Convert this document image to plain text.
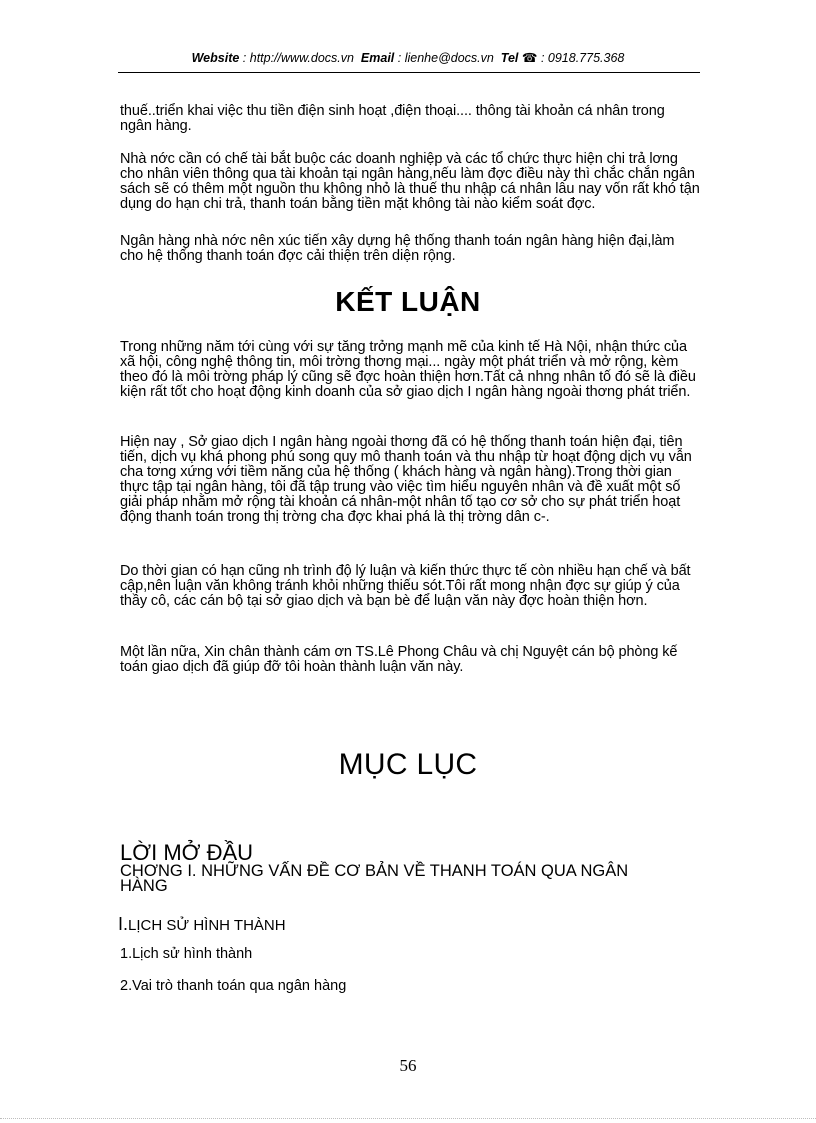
Website : http://www.docs.vn Email : lienhe@docs.vn Tel ☎ : 0918.775.368

thuế..triển khai việc thu tiền điện sinh hoạt ,điện thoại.... thông tài khoản cá nhân trong ngân hàng.

Nhà nớc cần có chế tài bắt buộc các doanh nghiệp và các tổ chức thực hiện chi trả lơng cho nhân viên thông qua tài khoản tại ngân hàng,nếu làm đợc điều này thì chắc chắn ngân sách sẽ có thêm một nguồn thu không nhỏ là thuế thu nhập cá nhân lâu nay vốn rất khó tận dụng do hạn chi trả, thanh toán bằng tiền mặt không tài nào kiểm soát đợc.

Ngân hàng nhà nớc nên xúc tiến xây dựng hệ thống thanh toán ngân hàng hiện đại,làm cho hệ thống thanh toán đợc cải thiện trên diện rộng.

KẾT LUẬN

Trong những năm tới cùng với sự tăng trởng mạnh mẽ của kinh tế Hà Nội, nhận thức của xã hội, công nghệ thông tin, môi trờng thơng mại... ngày một phát triển và mở rộng, kèm theo đó là môi trờng pháp lý cũng sẽ đợc hoàn thiện hơn.Tất cả nhng nhân tố đó sẽ là điều kiện rất tốt cho hoạt động kinh doanh của sở giao dịch I ngân hàng ngoài thơng phát triển.

Hiện nay , Sở giao dịch I ngân hàng ngoài thơng đã có hệ thống thanh toán hiện đại, tiên tiến, dịch vụ khá phong phú song quy mô thanh toán và thu nhập từ hoạt động dịch vụ vẫn cha tơng xứng với tiềm năng của hệ thống ( khách hàng và ngân hàng).Trong thời gian thực tập tại ngân hàng, tôi đã tập trung vào việc tìm hiểu nguyên nhân và đề xuất một số giải pháp nhằm mở rộng tài khoản cá nhân-một nhân tố tạo cơ sở cho sự phát triển hoạt động thanh toán trong thị trờng cha đợc khai phá là thị trờng dân c-.

Do thời gian có hạn cũng nh trình độ lý luận và kiến thức thực tế còn nhiều hạn chế và bất cập,nên luận văn không tránh khỏi những thiếu sót.Tôi rất mong nhận đợc sự giúp ý của thầy cô, các cán bộ tại sở giao dịch và bạn bè để luận văn này đợc hoàn thiện hơn.

Một lần nữa, Xin chân thành cám ơn TS.Lê Phong Châu và chị Nguyệt cán bộ phòng kế toán giao dịch đã giúp đỡ tôi hoàn thành luận văn này.

MỤC LỤC
LỜI MỞ ĐẦU
CHƠNG I. NHỮNG VẤN ĐỀ CƠ BẢN VỀ THANH TOÁN QUA NGÂN HÀNG
I.LỊCH SỬ HÌNH THÀNH
1.Lịch sử hình thành
2.Vai trò thanh toán qua ngân hàng
56
